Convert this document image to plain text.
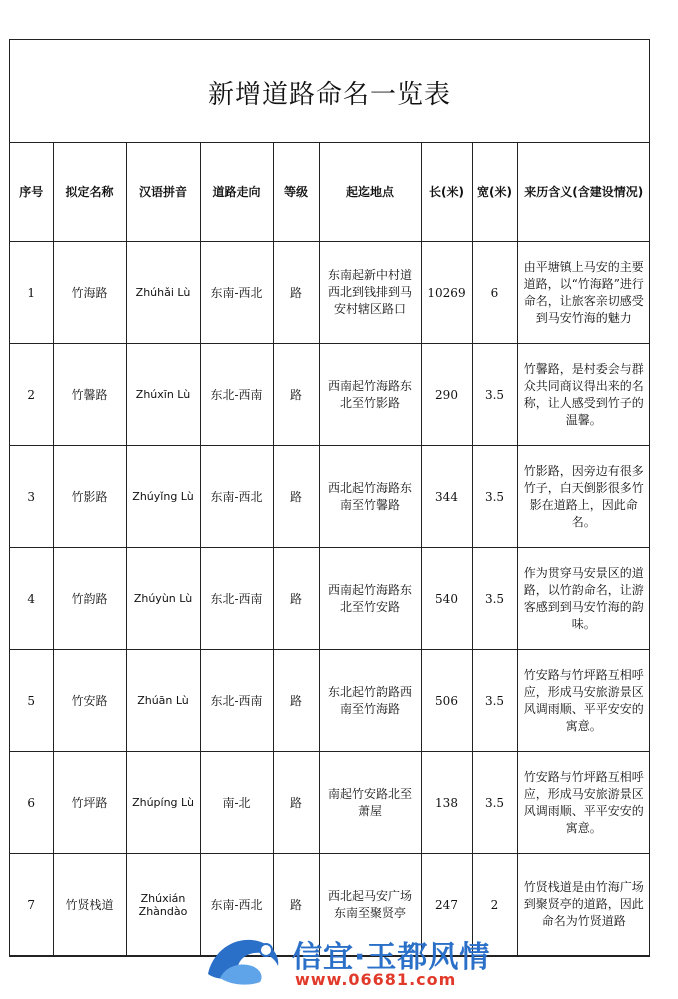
新增道路命名一览表
序号	拟定名称	汉语拼音	道路走向	等级	起迄地点	长(米)	宽(米)	来历含义(含建设情况)
1	竹海路	Zhúhǎi Lù	东南-西北	路	东南起新中村道西北到钱排到马安村辖区路口	10269	6	由平塘镇上马安的主要道路，以“竹海路”进行命名，让旅客亲切感受到马安竹海的魅力
2	竹馨路	Zhúxīn Lù	东北-西南	路	西南起竹海路东北至竹影路	290	3.5	竹馨路，是村委会与群众共同商议得出来的名称，让人感受到竹子的温馨。
3	竹影路	Zhúyǐng Lù	东南-西北	路	西北起竹海路东南至竹馨路	344	3.5	竹影路，因旁边有很多竹子，白天倒影很多竹影在道路上，因此命名。
4	竹韵路	Zhúyùn Lù	东北-西南	路	西南起竹海路东北至竹安路	540	3.5	作为贯穿马安景区的道路，以竹韵命名，让游客感到到马安竹海的韵味。
5	竹安路	Zhúān Lù	东北-西南	路	东北起竹韵路西南至竹海路	506	3.5	竹安路与竹坪路互相呼应，形成马安旅游景区风调雨顺、平平安安的寓意。
6	竹坪路	Zhúpíng Lù	南-北	路	南起竹安路北至萧屋	138	3.5	竹安路与竹坪路互相呼应，形成马安旅游景区风调雨顺、平平安安的寓意。
7	竹贤栈道	Zhúxián Zhàndào	东南-西北	路	西北起马安广场东南至聚贤亭	247	2	竹贤栈道是由竹海广场到聚贤亭的道路，因此命名为竹贤道路
信宜·玉都风情
www.06681.com
